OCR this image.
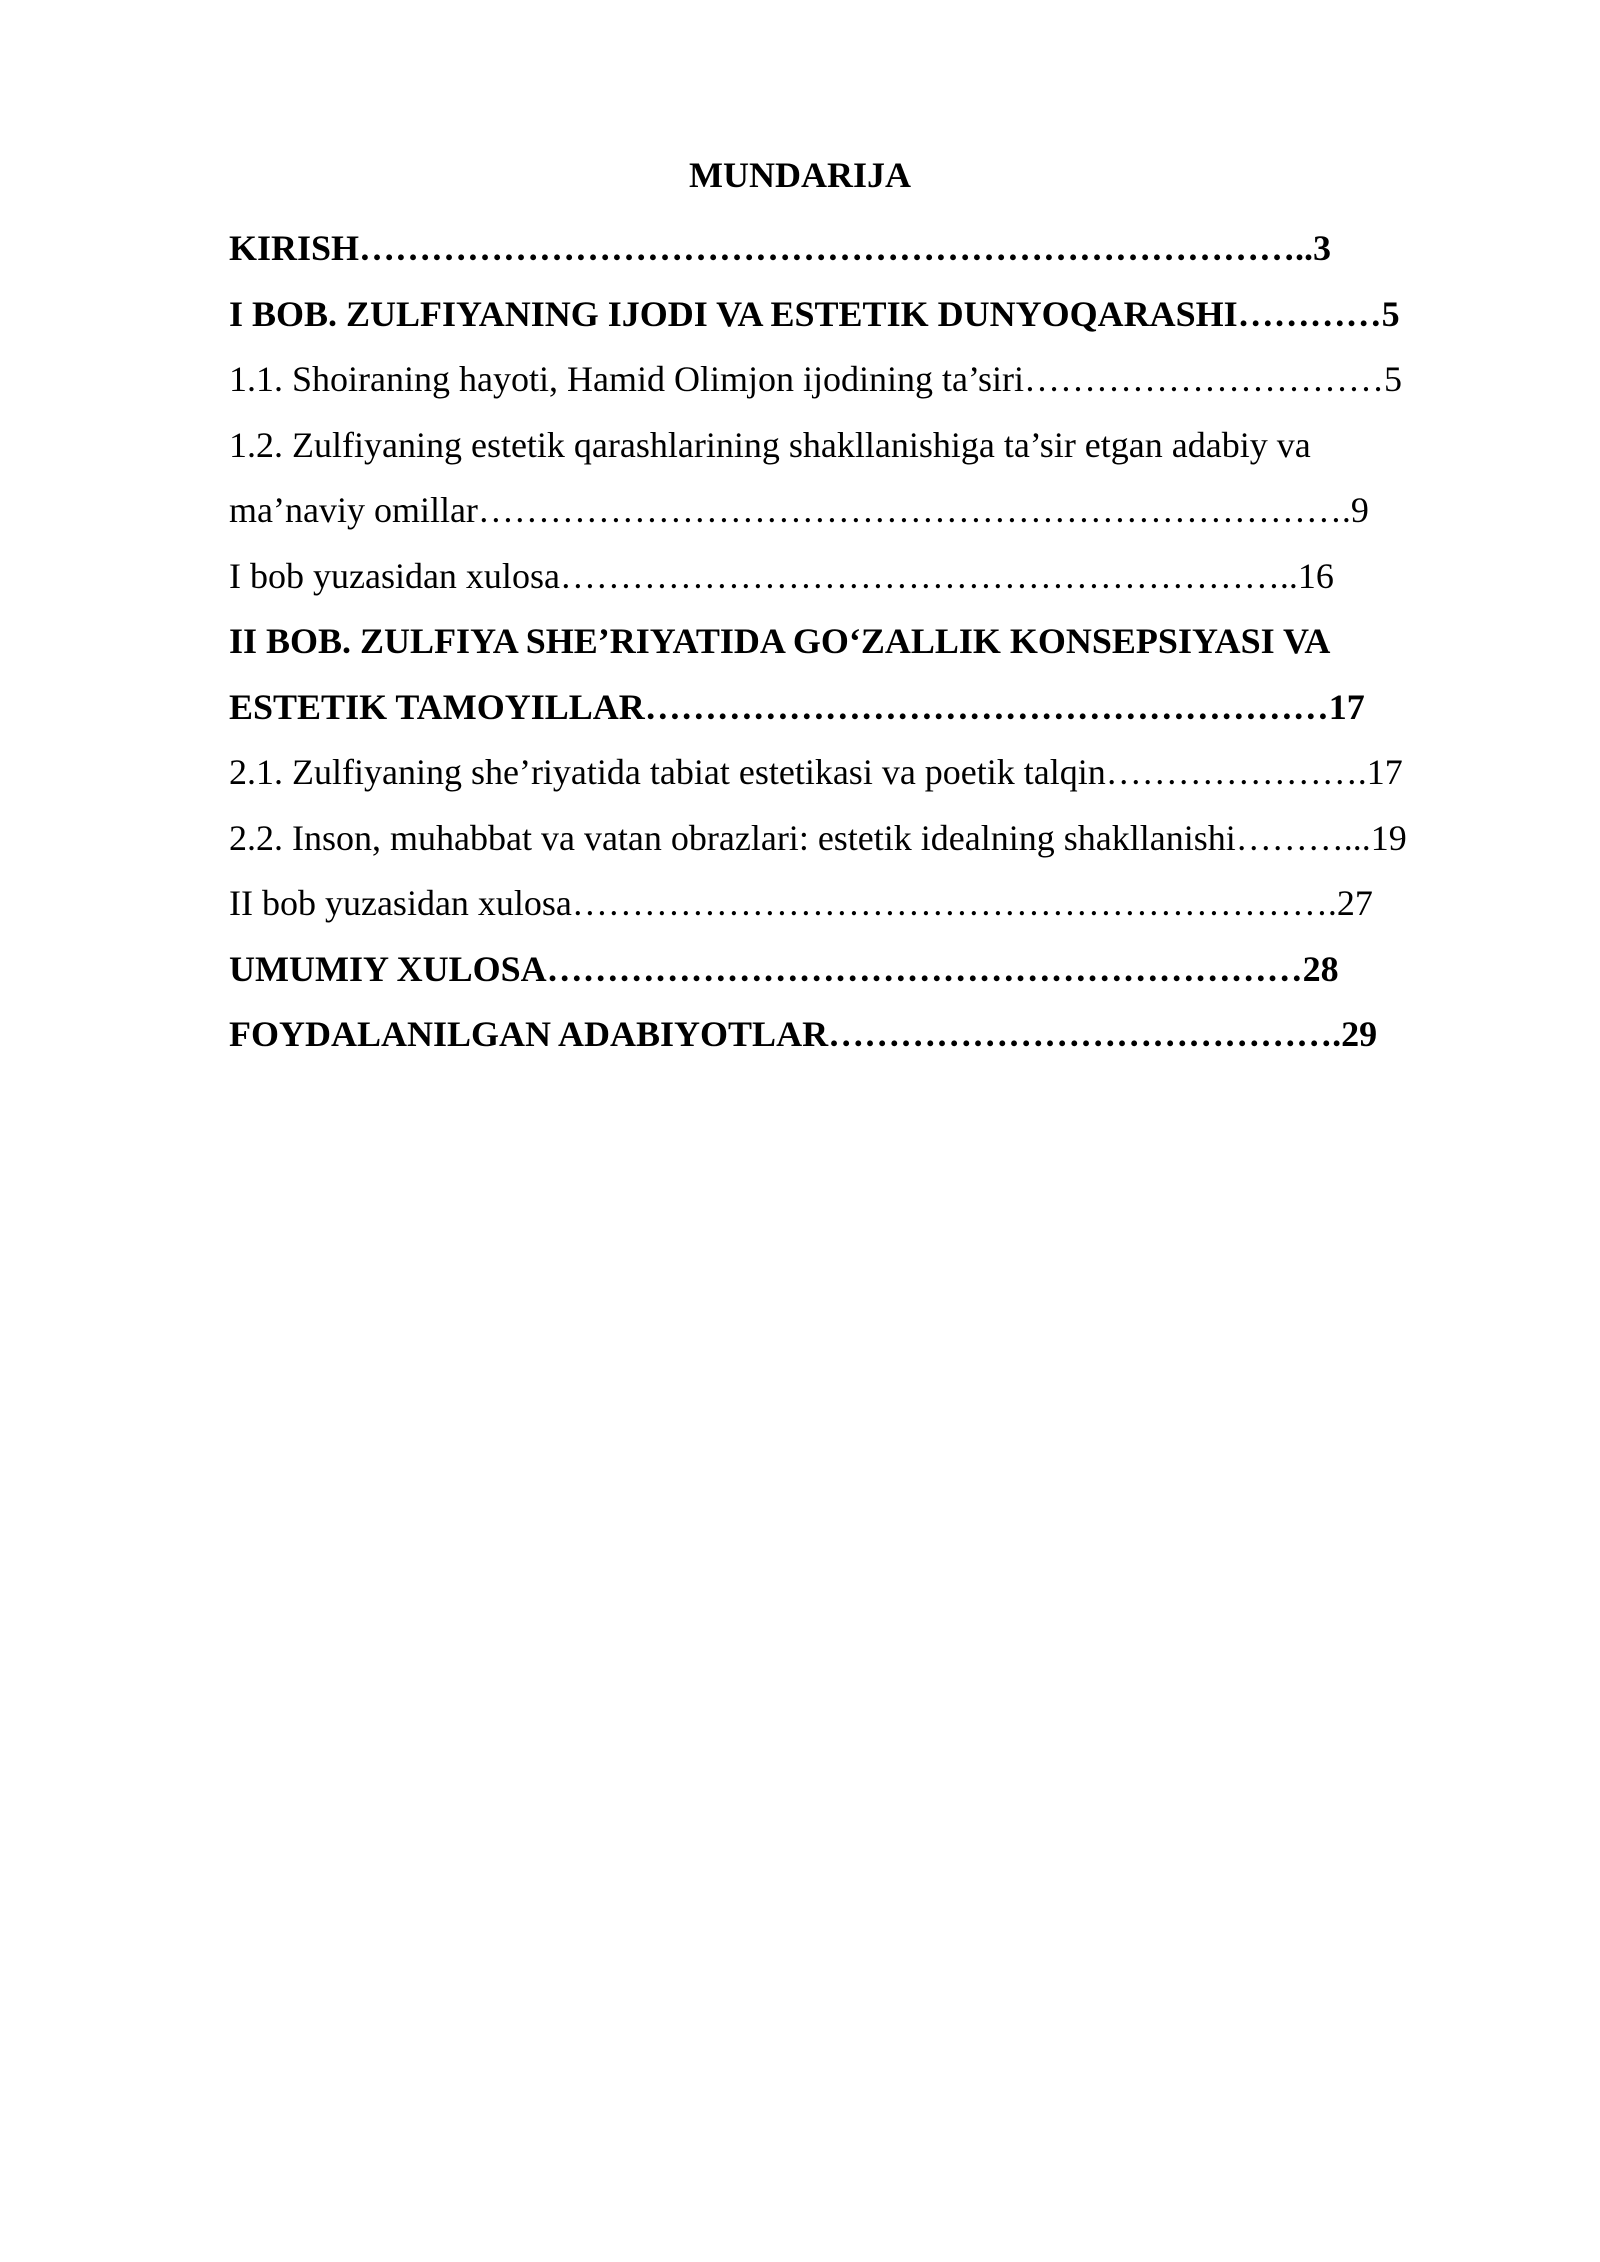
MUNDARIJA
KIRISH……………………………………………………………………..3
I BOB. ZULFIYANING IJODI VA ESTETIK DUNYOQARASHI…………5
1.1. Shoiraning hayoti, Hamid Olimjon ijodining ta’siri…………………………5
1.2. Zulfiyaning estetik qarashlarining shakllanishiga ta’sir etgan adabiy va
ma’naviy omillar……………………………………………………………….9
I bob yuzasidan xulosa……………………………………………………..16
II BOB. ZULFIYA SHE’RIYATIDA GO‘ZALLIK KONSEPSIYASI VA
ESTETIK TAMOYILLAR…………………………………………………17
2.1. Zulfiyaning she’riyatida tabiat estetikasi va poetik talqin………………….17
2.2. Inson, muhabbat va vatan obrazlari: estetik idealning shakllanishi………...19
II bob yuzasidan xulosa……………………………………………………….27
UMUMIY XULOSA………………………………………………………28
FOYDALANILGAN ADABIYOTLAR…………………………………….29
